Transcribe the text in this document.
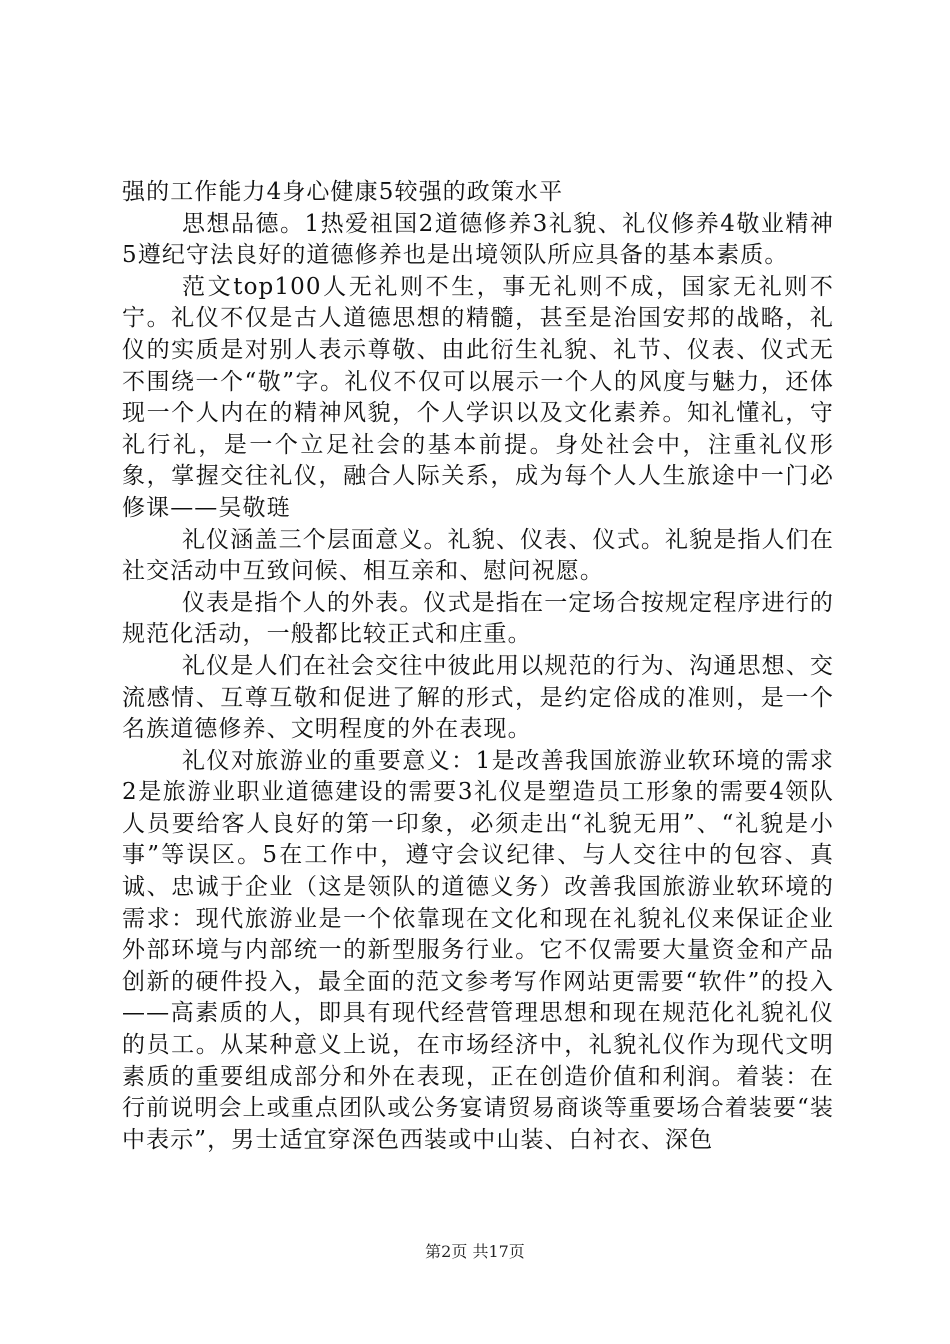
强的工作能力4身心健康5较强的政策水平

思想品德。1热爱祖国2道德修养3礼貌、礼仪修养4敬业精神5遵纪守法良好的道德修养也是出境领队所应具备的基本素质。

范文top100人无礼则不生，事无礼则不成，国家无礼则不宁。礼仪不仅是古人道德思想的精髓，甚至是治国安邦的战略，礼仪的实质是对别人表示尊敬、由此衍生礼貌、礼节、仪表、仪式无不围绕一个“敬”字。礼仪不仅可以展示一个人的风度与魅力，还体现一个人内在的精神风貌，个人学识以及文化素养。知礼懂礼，守礼行礼，是一个立足社会的基本前提。身处社会中，注重礼仪形象，掌握交往礼仪，融合人际关系，成为每个人人生旅途中一门必修课——吴敬琏

礼仪涵盖三个层面意义。礼貌、仪表、仪式。礼貌是指人们在社交活动中互致问候、相互亲和、慰问祝愿。

仪表是指个人的外表。仪式是指在一定场合按规定程序进行的规范化活动，一般都比较正式和庄重。

礼仪是人们在社会交往中彼此用以规范的行为、沟通思想、交流感情、互尊互敬和促进了解的形式，是约定俗成的准则，是一个名族道德修养、文明程度的外在表现。

礼仪对旅游业的重要意义：1是改善我国旅游业软环境的需求2是旅游业职业道德建设的需要3礼仪是塑造员工形象的需要4领队人员要给客人良好的第一印象，必须走出“礼貌无用”、“礼貌是小事”等误区。5在工作中，遵守会议纪律、与人交往中的包容、真诚、忠诚于企业（这是领队的道德义务）改善我国旅游业软环境的需求：现代旅游业是一个依靠现在文化和现在礼貌礼仪来保证企业外部环境与内部统一的新型服务行业。它不仅需要大量资金和产品创新的硬件投入，最全面的范文参考写作网站更需要“软件”的投入——高素质的人，即具有现代经营管理思想和现在规范化礼貌礼仪的员工。从某种意义上说，在市场经济中，礼貌礼仪作为现代文明素质的重要组成部分和外在表现，正在创造价值和利润。着装：在行前说明会上或重点团队或公务宴请贸易商谈等重要场合着装要“装中表示”，男士适宜穿深色西装或中山装、白衬衣、深色

第2页 共17页
